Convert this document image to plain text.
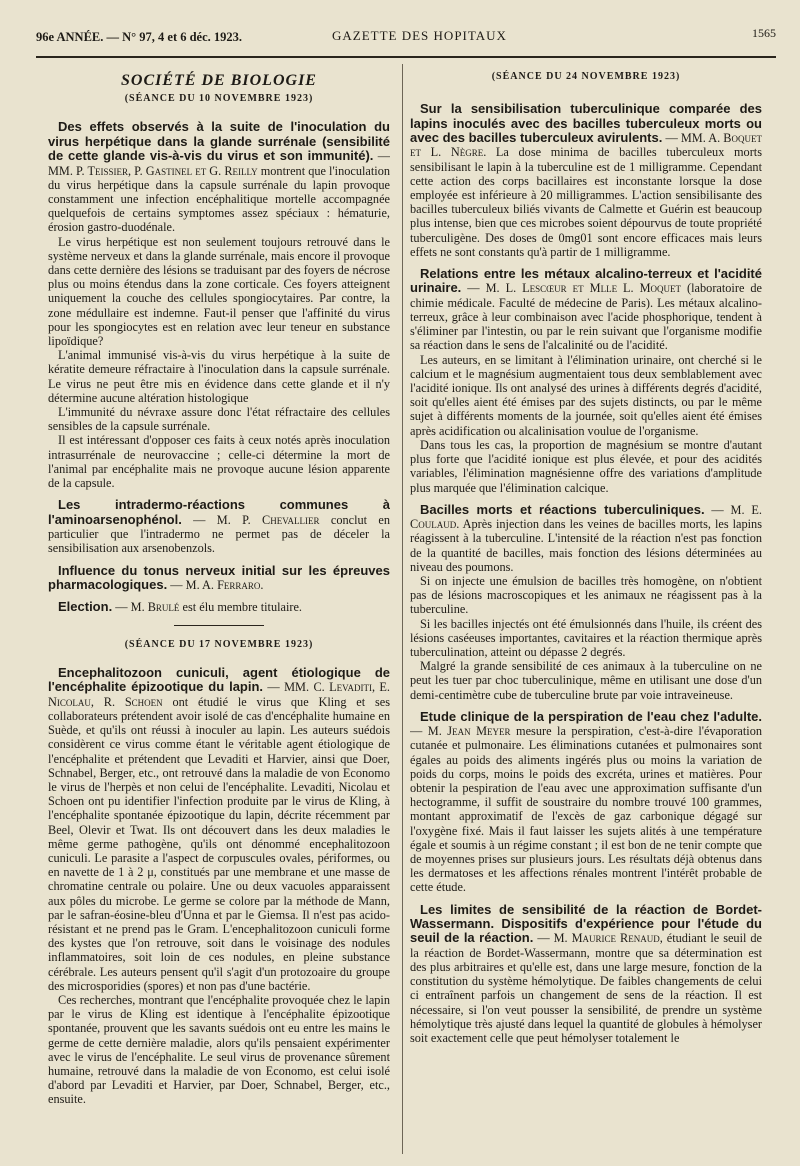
96e ANNÉE. — N° 97, 4 et 6 déc. 1923.	GAZETTE DES HOPITAUX	1565
SOCIÉTÉ DE BIOLOGIE
(SÉANCE DU 10 NOVEMBRE 1923)

Des effets observés à la suite de l'inoculation du virus herpétique dans la glande surrénale (sensibilité de cette glande vis-à-vis du virus et son immunité). — MM. P. Teissier, P. Gastinel et G. Reilly montrent que l'inoculation du virus herpétique dans la capsule surrénale du lapin provoque constamment une infection encéphalitique mortelle accompagnée quelquefois de certains symptomes assez spéciaux : hématurie, érosion gastro-duodénale.

Le virus herpétique est non seulement toujours retrouvé dans le système nerveux et dans la glande surrénale, mais encore il provoque dans cette dernière des lésions se traduisant par des foyers de nécrose plus ou moins étendus dans la zone corticale. Ces foyers atteignent uniquement la couche des cellules spongiocytaires. Par contre, la zone médullaire est indemne. Faut-il penser que l'affinité du virus pour les spongiocytes est en relation avec leur teneur en substance lipoïdique?

L'animal immunisé vis-à-vis du virus herpétique à la suite de kératite demeure réfractaire à l'inoculation dans la capsule surrénale. Le virus ne peut être mis en évidence dans cette glande et il n'y détermine aucune altération histologique

L'immunité du névraxe assure donc l'état réfractaire des cellules sensibles de la capsule surrénale.

Il est intéressant d'opposer ces faits à ceux notés après inoculation intrasurrénale de neurovaccine ; celle-ci détermine la mort de l'animal par encéphalite mais ne provoque aucune lésion apparente de la capsule.

Les intradermo-réactions communes à l'aminoarsenophénol. — M. P. Chevallier conclut en particulier que l'intradermo ne permet pas de déceler la sensibilisation aux arsenobenzols.

Influence du tonus nerveux initial sur les épreuves pharmacologiques. — M. A. Ferraro.

Election. — M. Brulé est élu membre titulaire.

(SÉANCE DU 17 NOVEMBRE 1923)

Encephalitozoon cuniculi, agent étiologique de l'encéphalite épizootique du lapin. — MM. C. Levaditi, E. Nicolau, R. Schoen ont étudié le virus que Kling et ses collaborateurs prétendent avoir isolé de cas d'encéphalite humaine en Suède, et qu'ils ont réussi à inoculer au lapin. Les auteurs suédois considèrent ce virus comme étant le véritable agent étiologique de l'encéphalite et prétendent que Levaditi et Harvier, ainsi que Doer, Schnabel, Berger, etc., ont retrouvé dans la maladie de von Economo le virus de l'herpès et non celui de l'encéphalite. Levaditi, Nicolau et Schoen ont pu identifier l'infection produite par le virus de Kling, à l'encéphalite spontanée épizootique du lapin, décrite récemment par Beel, Olevir et Twat. Ils ont découvert dans les deux maladies le même germe pathogène, qu'ils ont dénommé encephalitozoon cuniculi. Le parasite a l'aspect de corpuscules ovales, périformes, ou en navette de 1 à 2 μ, constitués par une membrane et une masse de chromatine centrale ou polaire. Une ou deux vacuoles apparaissent aux pôles du microbe. Le germe se colore par la méthode de Mann, par le safran-éosine-bleu d'Unna et par le Giemsa. Il n'est pas acido-résistant et ne prend pas le Gram. L'encephalitozoon cuniculi forme des kystes que l'on retrouve, soit dans le voisinage des nodules inflammatoires, soit loin de ces nodules, en pleine substance cérébrale. Les auteurs pensent qu'il s'agit d'un protozoaire du groupe des microsporidies (spores) et non pas d'une bactérie.

Ces recherches, montrant que l'encéphalite provoquée chez le lapin par le virus de Kling est identique à l'encéphalite épizootique spontanée, prouvent que les savants suédois ont eu entre les mains le germe de cette dernière maladie, alors qu'ils pensaient expérimenter avec le virus de l'encéphalite. Le seul virus de provenance sûrement humaine, retrouvé dans la maladie de von Economo, est celui isolé d'abord par Levaditi et Harvier, par Doer, Schnabel, Berger, etc., ensuite.

(SÉANCE DU 24 NOVEMBRE 1923)

Sur la sensibilisation tuberculinique comparée des lapins inoculés avec des bacilles tuberculeux morts ou avec des bacilles tuberculeux avirulents. — MM. A. Boquet et L. Nègre. La dose minima de bacilles tuberculeux morts sensibilisant le lapin à la tuberculine est de 1 milligramme. Cependant cette action des corps bacillaires est inconstante lorsque la dose employée est inférieure à 20 milligrammes. L'action sensibilisante des bacilles tuberculeux biliés vivants de Calmette et Guérin est beaucoup plus intense, bien que ces microbes soient dépourvus de toute propriété tuberculigène. Des doses de 0mg01 sont encore efficaces mais leurs effets ne sont constants qu'à partir de 1 milligramme.

Relations entre les métaux alcalino-terreux et l'acidité urinaire. — M. L. Lescœur et Mlle L. Moquet (laboratoire de chimie médicale. Faculté de médecine de Paris). Les métaux alcalino-terreux, grâce à leur combinaison avec l'acide phosphorique, tendent à s'éliminer par l'intestin, ou par le rein suivant que l'organisme modifie sa réaction dans le sens de l'alcalinité ou de l'acidité.

Les auteurs, en se limitant à l'élimination urinaire, ont cherché si le calcium et le magnésium augmentaient tous deux semblablement avec l'acidité ionique. Ils ont analysé des urines à différents degrés d'acidité, soit qu'elles aient été émises par des sujets distincts, ou par le même sujet à différents moments de la journée, soit qu'elles aient été émises après acidification ou alcalinisation voulue de l'organisme.

Dans tous les cas, la proportion de magnésium se montre d'autant plus forte que l'acidité ionique est plus élevée, et pour des acidités variables, l'élimination magnésienne offre des variations d'amplitude plus marquée que l'élimination calcique.

Bacilles morts et réactions tuberculiniques. — M. E. Coulaud. Après injection dans les veines de bacilles morts, les lapins réagissent à la tuberculine. L'intensité de la réaction n'est pas fonction de la quantité de bacilles, mais fonction des lésions déterminées au niveau des poumons.

Si on injecte une émulsion de bacilles très homogène, on n'obtient pas de lésions macroscopiques et les animaux ne réagissent pas à la tuberculine.

Si les bacilles injectés ont été émulsionnés dans l'huile, ils créent des lésions caséeuses importantes, cavitaires et la réaction thermique après tuberculination, atteint ou dépasse 2 degrés.

Malgré la grande sensibilité de ces animaux à la tuberculine on ne peut les tuer par choc tuberculinique, même en utilisant une dose d'un demi-centimètre cube de tuberculine brute par voie intraveineuse.

Etude clinique de la perspiration de l'eau chez l'adulte. — M. Jean Meyer mesure la perspiration, c'est-à-dire l'évaporation cutanée et pulmonaire. Les éliminations cutanées et pulmonaires sont égales au poids des aliments ingérés plus ou moins la variation de poids du corps, moins le poids des excréta, urines et matières. Pour obtenir la pespiration de l'eau avec une approximation suffisante d'un hectogramme, il suffit de soustraire du nombre trouvé 100 grammes, montant approximatif de l'excès de gaz carbonique dégagé sur l'oxygène fixé. Mais il faut laisser les sujets alités à une température égale et soumis à un régime constant ; il est bon de ne tenir compte que de moyennes prises sur plusieurs jours. Les résultats déjà obtenus dans les dermatoses et les affections rénales montrent l'intérêt probable de cette étude.

Les limites de sensibilité de la réaction de Bordet-Wassermann. Dispositifs d'expérience pour l'étude du seuil de la réaction. — M. Maurice Renaud, étudiant le seuil de la réaction de Bordet-Wassermann, montre que sa détermination est des plus arbitraires et qu'elle est, dans une large mesure, fonction de la constitution du système hémolytique. De faibles changements de celui ci entraînent parfois un changement de sens de la réaction. Il est nécessaire, si l'on veut pousser la sensibilité, de prendre un système hémolytique très ajusté dans lequel la quantité de globules à hémolyser soit exactement celle que peut hémolyser totalement le
